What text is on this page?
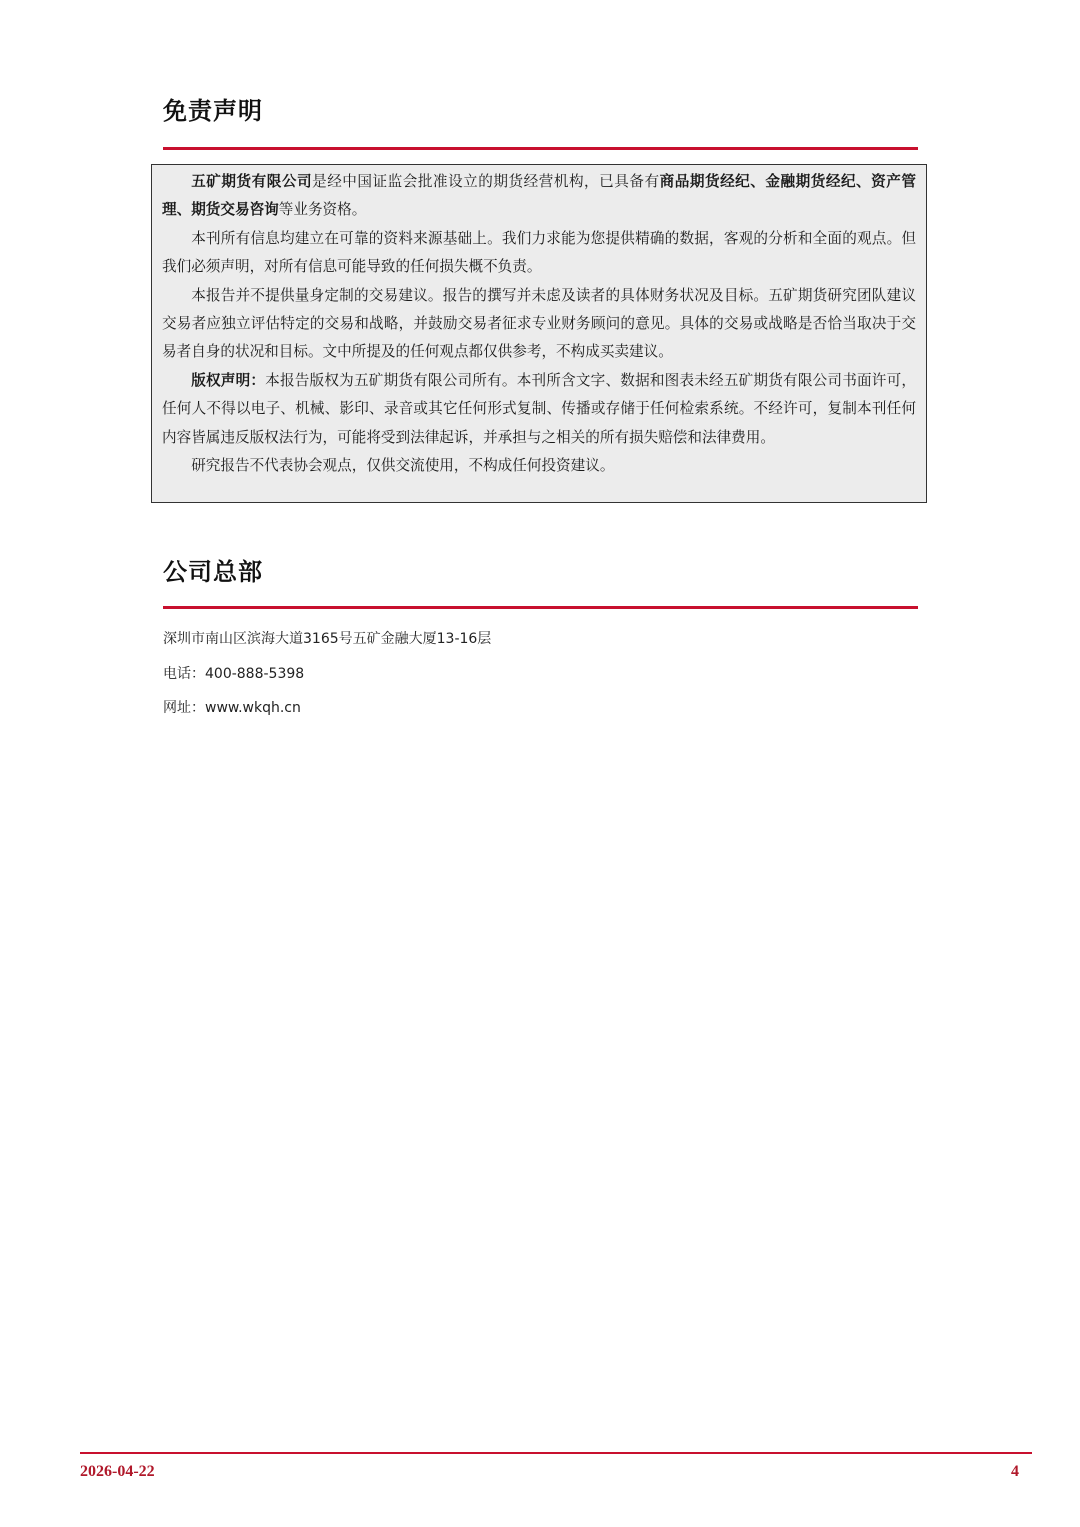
免责声明

五矿期货有限公司是经中国证监会批准设立的期货经营机构，已具备有商品期货经纪、金融期货经纪、资产管理、期货交易咨询等业务资格。

本刊所有信息均建立在可靠的资料来源基础上。我们力求能为您提供精确的数据，客观的分析和全面的观点。但我们必须声明，对所有信息可能导致的任何损失概不负责。

本报告并不提供量身定制的交易建议。报告的撰写并未虑及读者的具体财务状况及目标。五矿期货研究团队建议交易者应独立评估特定的交易和战略，并鼓励交易者征求专业财务顾问的意见。具体的交易或战略是否恰当取决于交易者自身的状况和目标。文中所提及的任何观点都仅供参考，不构成买卖建议。

版权声明：本报告版权为五矿期货有限公司所有。本刊所含文字、数据和图表未经五矿期货有限公司书面许可，任何人不得以电子、机械、影印、录音或其它任何形式复制、传播或存储于任何检索系统。不经许可，复制本刊任何内容皆属违反版权法行为，可能将受到法律起诉，并承担与之相关的所有损失赔偿和法律费用。

研究报告不代表协会观点，仅供交流使用，不构成任何投资建议。

公司总部

深圳市南山区滨海大道3165号五矿金融大厦13-16层

电话：400-888-5398

网址：www.wkqh.cn

2026-04-22	4
